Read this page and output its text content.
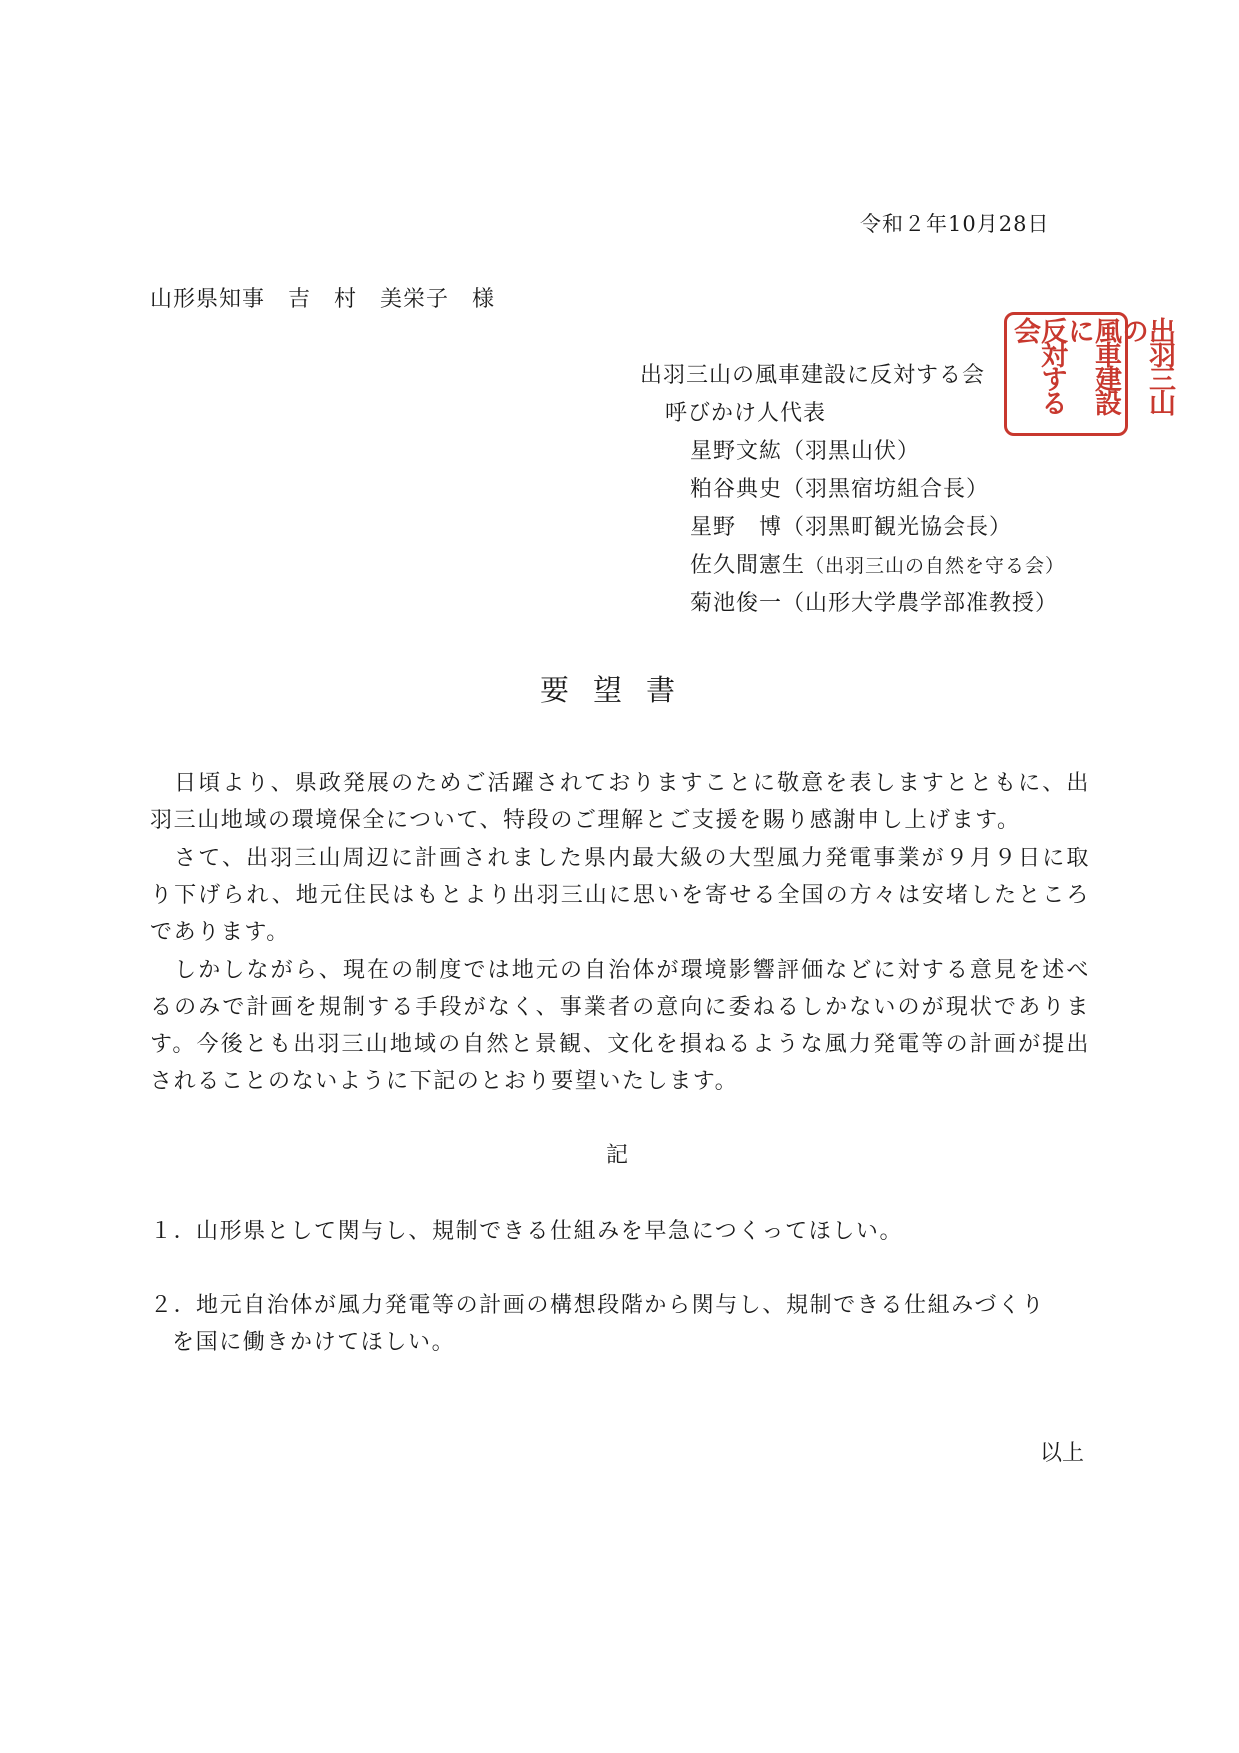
令和２年10月28日
山形県知事　吉　村　美栄子　様
出羽三山の風車建設に反対する会
呼びかけ人代表
星野文紘（羽黒山伏）
粕谷典史（羽黒宿坊組合長）
星野　博（羽黒町観光協会長）
佐久間憲生（出羽三山の自然を守る会）
菊池俊一（山形大学農学部准教授）
出羽三山の
風車建設に
反対する会
要望書
　日頃より、県政発展のためご活躍されておりますことに敬意を表しますとともに、出羽三山地域の環境保全について、特段のご理解とご支援を賜り感謝申し上げます。
　さて、出羽三山周辺に計画されました県内最大級の大型風力発電事業が９月９日に取り下げられ、地元住民はもとより出羽三山に思いを寄せる全国の方々は安堵したところであります。
　しかしながら、現在の制度では地元の自治体が環境影響評価などに対する意見を述べるのみで計画を規制する手段がなく、事業者の意向に委ねるしかないのが現状であります。今後とも出羽三山地域の自然と景観、文化を損ねるような風力発電等の計画が提出されることのないように下記のとおり要望いたします。
記
１．山形県として関与し、規制できる仕組みを早急につくってほしい。
２．地元自治体が風力発電等の計画の構想段階から関与し、規制できる仕組みづくり
を国に働きかけてほしい。
以上
